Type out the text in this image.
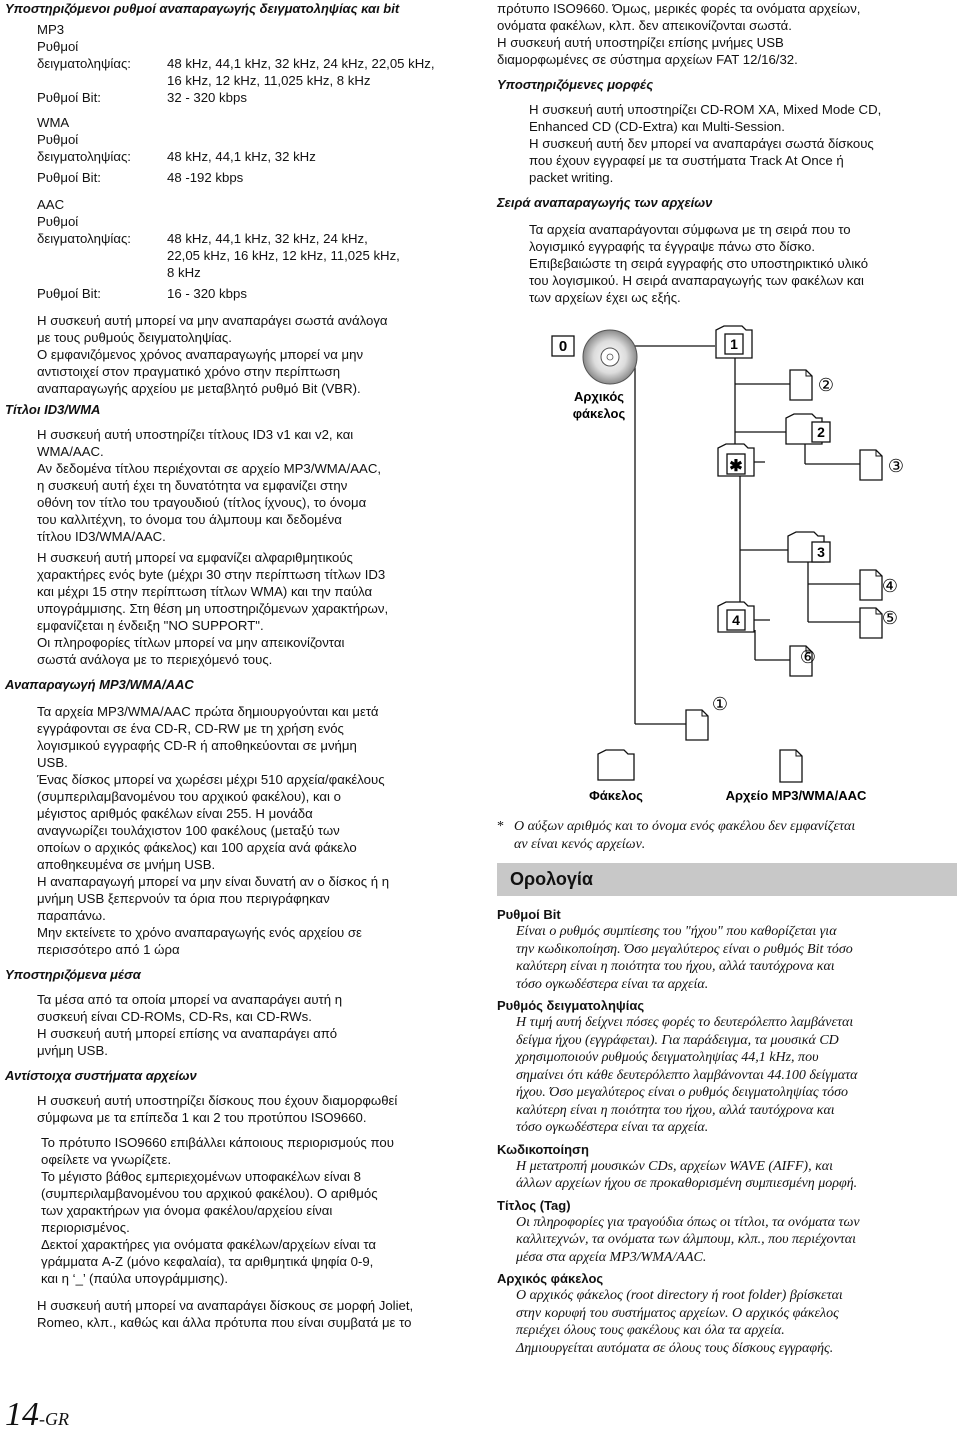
Υποστηριζόμενοι ρυθμοί αναπαραγωγής δειγματοληψίας και bit
MP3
Ρυθμοί
δειγματοληψίας:	48 kHz, 44,1 kHz, 32 kHz, 24 kHz, 22,05 kHz,
16 kHz, 12 kHz, 11,025 kHz, 8 kHz
Ρυθμοί Bit:	32 - 320 kbps
WMA
Ρυθμοί
δειγματοληψίας:	48 kHz, 44,1 kHz, 32 kHz
Ρυθμοί Bit:	48 -192 kbps
AAC
Ρυθμοί
δειγματοληψίας:	48 kHz, 44,1 kHz, 32 kHz, 24 kHz,
22,05 kHz, 16 kHz, 12 kHz, 11,025 kHz,
8 kHz
Ρυθμοί Bit:	16 - 320 kbps
Η συσκευή αυτή μπορεί να μην αναπαράγει σωστά ανάλογα
με τους ρυθμούς δειγματοληψίας.
Ο εμφανιζόμενος χρόνος αναπαραγωγής μπορεί να μην
αντιστοιχεί στον πραγματικό χρόνο στην περίπτωση
αναπαραγωγής αρχείου με μεταβλητό ρυθμό Bit (VBR).
Τίτλοι ID3/WMA
Η συσκευή αυτή υποστηρίζει τίτλους ID3 v1 και v2, και
WMA/AAC.
Αν δεδομένα τίτλου περιέχονται σε αρχείο MP3/WMA/AAC,
η συσκευή αυτή έχει τη δυνατότητα να εμφανίζει στην
οθόνη τον τίτλο του τραγουδιού (τίτλος ίχνους), το όνομα
του καλλιτέχνη, το όνομα του άλμπουμ και δεδομένα
τίτλου ID3/WMA/AAC.
Η συσκευή αυτή μπορεί να εμφανίζει αλφαριθμητικούς
χαρακτήρες ενός byte (μέχρι 30 στην περίπτωση τίτλων ID3
και μέχρι 15 στην περίπτωση τίτλων WMA) και την παύλα
υπογράμμισης. Στη θέση μη υποστηριζόμενων χαρακτήρων,
εμφανίζεται η ένδειξη "NO SUPPORT".
Οι πληροφορίες τίτλων μπορεί να μην απεικονίζονται
σωστά ανάλογα με το περιεχόμενό τους.
Αναπαραγωγή MP3/WMA/AAC
Τα αρχεία MP3/WMA/AAC πρώτα δημιουργούνται και μετά
εγγράφονται σε ένα CD-R, CD-RW με τη χρήση ενός
λογισμικού εγγραφής CD-R ή αποθηκεύονται σε μνήμη
USB.
Ένας δίσκος μπορεί να χωρέσει μέχρι 510 αρχεία/φακέλους
(συμπεριλαμβανομένου του αρχικού φακέλου), και ο
μέγιστος αριθμός φακέλων είναι 255. Η μονάδα
αναγνωρίζει τουλάχιστον 100 φακέλους (μεταξύ των
οποίων ο αρχικός φάκελος) και 100 αρχεία ανά φάκελο
αποθηκευμένα σε μνήμη USB.
Η αναπαραγωγή μπορεί να μην είναι δυνατή αν ο δίσκος ή η
μνήμη USB ξεπερνούν τα όρια που περιγράφηκαν
παραπάνω.
Μην εκτείνετε το χρόνο αναπαραγωγής ενός αρχείου σε
περισσότερο από 1 ώρα
Υποστηριζόμενα μέσα
Τα μέσα από τα οποία μπορεί να αναπαράγει αυτή η
συσκευή είναι CD-ROMs, CD-Rs, και CD-RWs.
Η συσκευή αυτή μπορεί επίσης να αναπαράγει από
μνήμη USB.
Αντίστοιχα συστήματα αρχείων
Η συσκευή αυτή υποστηρίζει δίσκους που έχουν διαμορφωθεί
σύμφωνα με τα επίπεδα 1 και 2 του προτύπου ISO9660.
Το πρότυπο ISO9660 επιβάλλει κάποιους περιορισμούς που
οφείλετε να γνωρίζετε.
Το μέγιστο βάθος εμπεριεχομένων υποφακέλων είναι 8
(συμπεριλαμβανομένου του αρχικού φακέλου). Ο αριθμός
των χαρακτήρων για όνομα φακέλου/αρχείου είναι
περιορισμένος.
Δεκτοί χαρακτήρες για ονόματα φακέλων/αρχείων είναι τα
γράμματα A-Z (μόνο κεφαλαία), τα αριθμητικά ψηφία 0-9,
και η ‘_’ (παύλα υπογράμμισης).
Η συσκευή αυτή μπορεί να αναπαράγει δίσκους σε μορφή Joliet,
Romeo, κλπ., καθώς και άλλα πρότυπα που είναι συμβατά με το
14-GR
πρότυπο ISO9660. Όμως, μερικές φορές τα ονόματα αρχείων,
ονόματα φακέλων, κλπ. δεν απεικονίζονται σωστά.
Η συσκευή αυτή υποστηρίζει επίσης μνήμες USB
διαμορφωμένες σε σύστημα αρχείων FAT 12/16/32.
Υποστηριζόμενες μορφές
Η συσκευή αυτή υποστηρίζει CD-ROM XA, Mixed Mode CD,
Enhanced CD (CD-Extra) και Multi-Session.
Η συσκευή αυτή δεν μπορεί να αναπαράγει σωστά δίσκους
που έχουν εγγραφεί με τα συστήματα Track At Once ή
packet writing.
Σειρά αναπαραγωγής των αρχείων
Τα αρχεία αναπαράγονται σύμφωνα με τη σειρά που το
λογισμικό εγγραφής τα έγγραψε πάνω στο δίσκο.
Επιβεβαιώστε τη σειρά εγγραφής στο υποστηρικτικό υλικό
του λογισμικού. Η σειρά αναπαραγωγής των φακέλων και
των αρχείων έχει ως εξής.
0
Αρχικός
φάκελος
1
②
2
✱	③
3
④
⑤
4
⑥
①
Φάκελος	Αρχείο MP3/WMA/AAC
* Ο αύξων αριθμός και το όνομα ενός φακέλου δεν εμφανίζεται
αν είναι κενός αρχείων.
Ορολογία
Ρυθμοί Bit
Είναι ο ρυθμός συμπίεσης του "ήχου" που καθορίζεται για
την κωδικοποίηση. Όσο μεγαλύτερος είναι ο ρυθμός Bit τόσο
καλύτερη είναι η ποιότητα του ήχου, αλλά ταυτόχρονα και
τόσο ογκωδέστερα είναι τα αρχεία.
Ρυθμός δειγματοληψίας
Η τιμή αυτή δείχνει πόσες φορές το δευτερόλεπτο λαμβάνεται
δείγμα ήχου (εγγράφεται). Για παράδειγμα, τα μουσικά CD
χρησιμοποιούν ρυθμούς δειγματοληψίας 44,1 kHz, που
σημαίνει ότι κάθε δευτερόλεπτο λαμβάνονται 44.100 δείγματα
ήχου. Όσο μεγαλύτερος είναι ο ρυθμός δειγματοληψίας τόσο
καλύτερη είναι η ποιότητα του ήχου, αλλά ταυτόχρονα και
τόσο ογκωδέστερα είναι τα αρχεία.
Κωδικοποίηση
Η μετατροπή μουσικών CDs, αρχείων WAVE (AIFF), και
άλλων αρχείων ήχου σε προκαθορισμένη συμπιεσμένη μορφή.
Τίτλος (Tag)
Οι πληροφορίες για τραγούδια όπως οι τίτλοι, τα ονόματα των
καλλιτεχνών, τα ονόματα των άλμπουμ, κλπ., που περιέχονται
μέσα στα αρχεία MP3/WMA/AAC.
Αρχικός φάκελος
Ο αρχικός φάκελος (root directory ή root folder) βρίσκεται
στην κορυφή του συστήματος αρχείων. Ο αρχικός φάκελος
περιέχει όλους τους φακέλους και όλα τα αρχεία.
Δημιουργείται αυτόματα σε όλους τους δίσκους εγγραφής.
